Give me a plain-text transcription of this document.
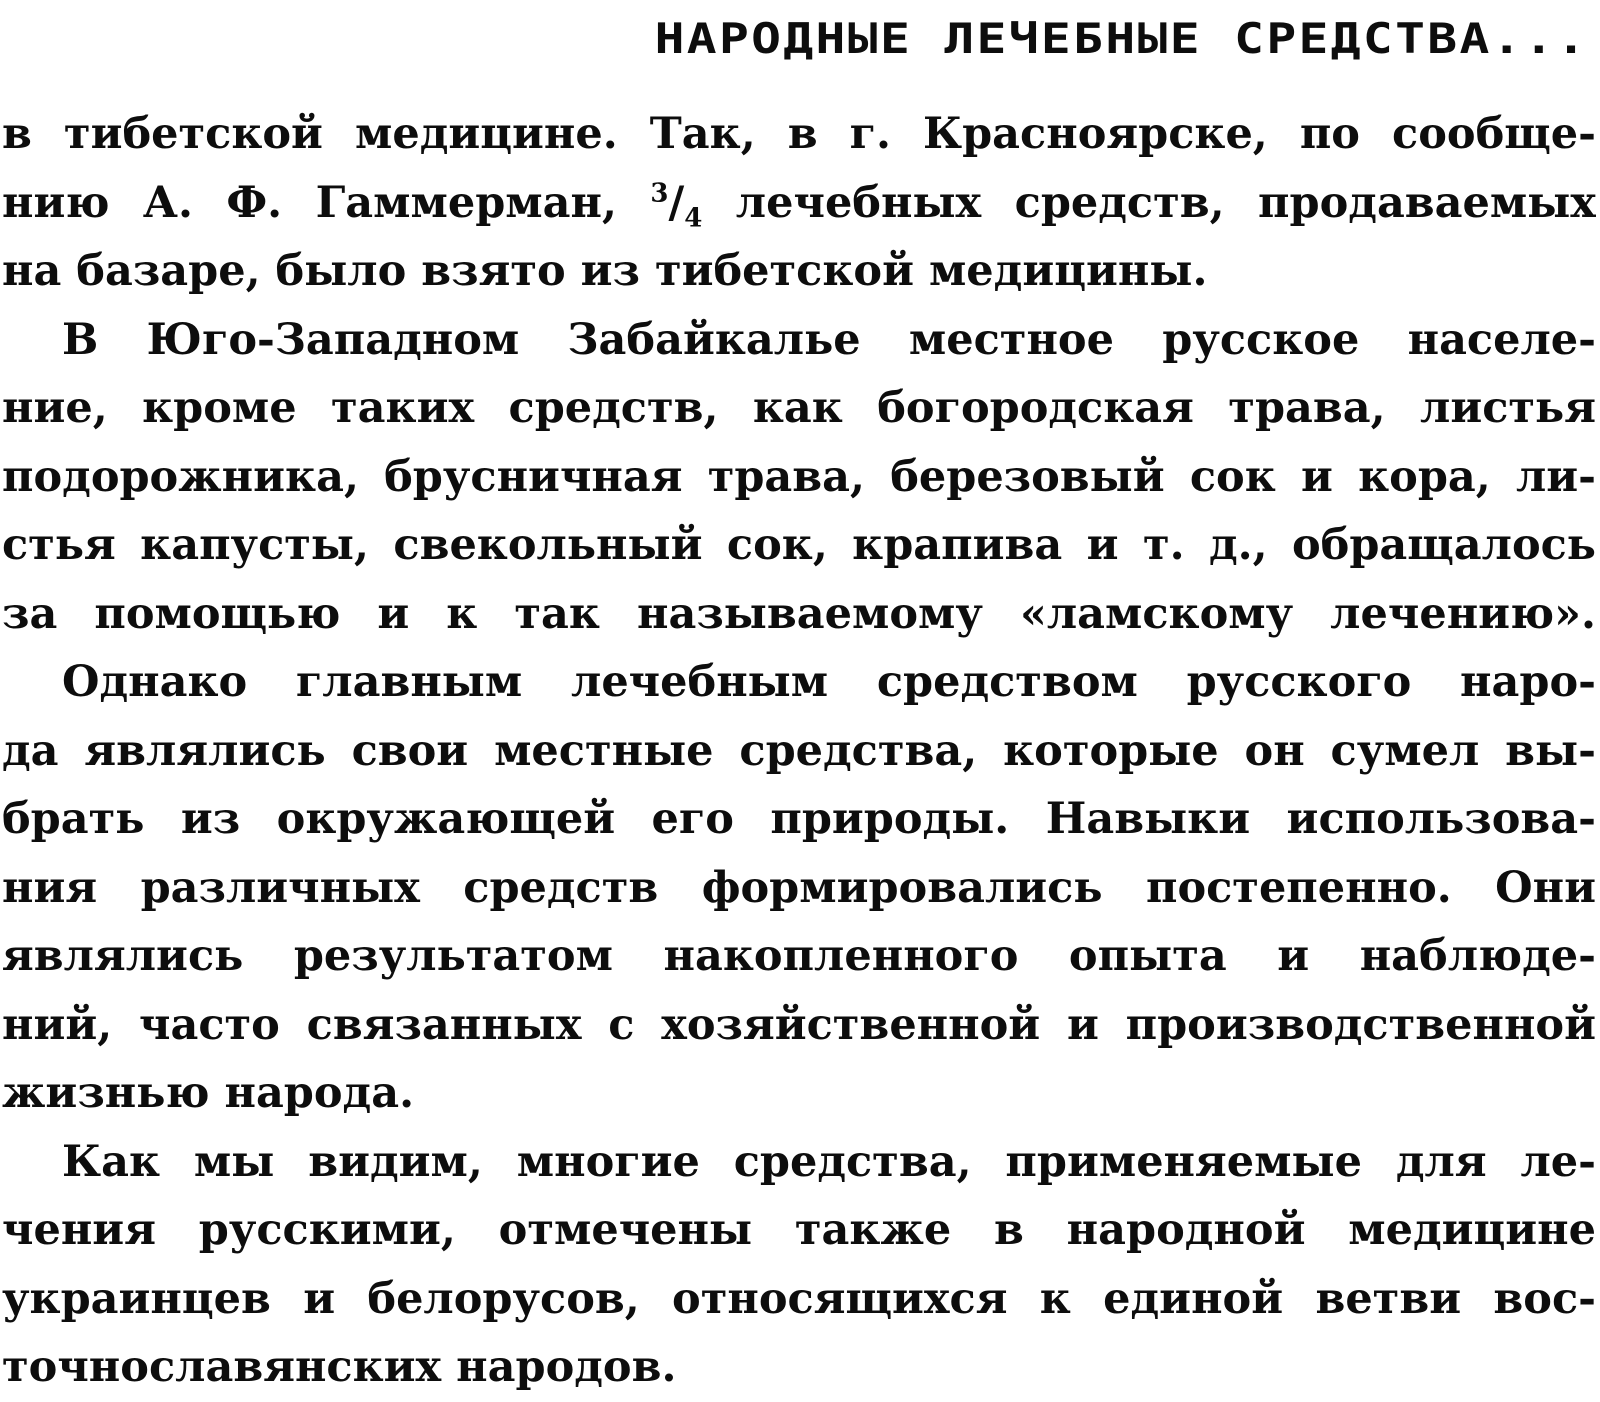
НАРОДНЫЕ ЛЕЧЕБНЫЕ СРЕДСТВА...
в тибетской медицине. Так, в г. Красноярске, по сообще-
нию А. Ф. Гаммерман, $^3/_4$ лечебных средств, продаваемых
на базаре, было взято из тибетской медицины.
В Юго-Западном Забайкалье местное русское населе-
ние, кроме таких средств, как богородская трава, листья
подорожника, брусничная трава, березовый сок и кора, ли-
стья капусты, свекольный сок, крапива и т. д., обращалось
за помощью и к так называемому «ламскому лечению».
Однако главным лечебным средством русского наро-
да являлись свои местные средства, которые он сумел вы-
брать из окружающей его природы. Навыки использова-
ния различных средств формировались постепенно. Они
являлись результатом накопленного опыта и наблюде-
ний, часто связанных с хозяйственной и производственной
жизнью народа.
Как мы видим, многие средства, применяемые для ле-
чения русскими, отмечены также в народной медицине
украинцев и белорусов, относящихся к единой ветви вос-
точнославянских народов.
